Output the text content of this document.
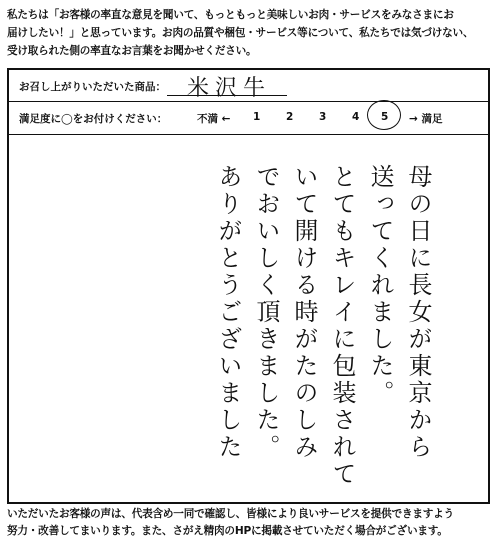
私たちは「お客様の率直な意見を聞いて、もっともっと美味しいお肉・サービスをみなさまにお
届けしたい！」と思っています。お肉の品質や梱包・サービス等について、私たちでは気づけない、
受け取られた側の率直なお言葉をお聞かせください。
お召し上がりいただいた商品： 米沢牛
満足度に◯をお付けください：	不満 ← 1 2 3 4 5 → 満足
母の日に長女が東京から
送ってくれました。
とてもキレイに包装されて
いて開ける時がたのしみ
でおいしく頂きました。
ありがとうございました
いただいたお客様の声は、代表含め一同で確認し、皆様により良いサービスを提供できますよう
努力・改善してまいります。また、さがえ精肉のHPに掲載させていただく場合がございます。
